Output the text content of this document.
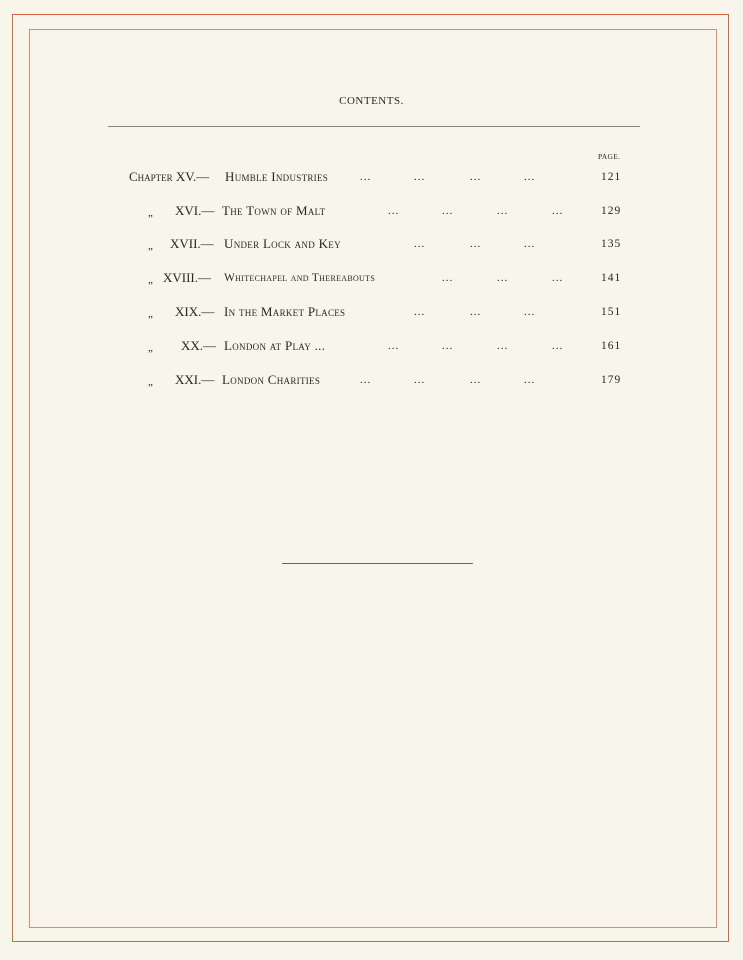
CONTENTS.
PAGE.
Chapter XV.— Humble Industries	...	...	...	...	121
„ XVI.— The Town of Malt	...	...	...	...	129
„ XVII.— Under Lock and Key	...	...	...	135
„ XVIII.— Whitechapel and Thereabouts	...	...	...	141
„ XIX.— In the Market Places	...	...	...	151
„ XX.— London at Play ...	...	...	...	...	161
„ XXI.— London Charities	...	...	...	...	179
